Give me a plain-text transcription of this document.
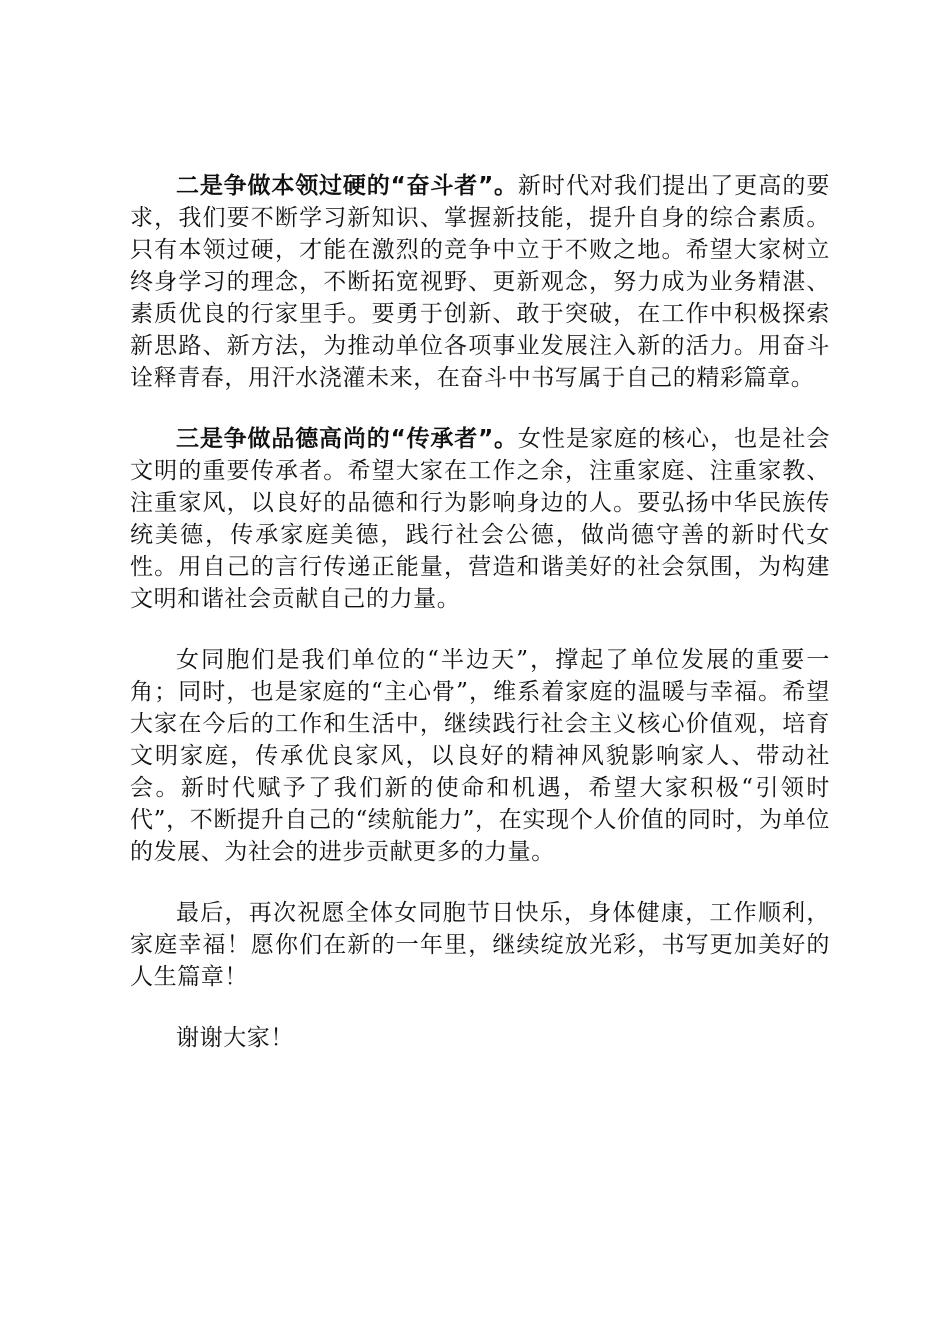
二是争做本领过硬的“奋斗者”。新时代对我们提出了更高的要求，我们要不断学习新知识、掌握新技能，提升自身的综合素质。只有本领过硬，才能在激烈的竞争中立于不败之地。希望大家树立终身学习的理念，不断拓宽视野、更新观念，努力成为业务精湛、素质优良的行家里手。要勇于创新、敢于突破，在工作中积极探索新思路、新方法，为推动单位各项事业发展注入新的活力。用奋斗诠释青春，用汗水浇灌未来，在奋斗中书写属于自己的精彩篇章。

三是争做品德高尚的“传承者”。女性是家庭的核心，也是社会文明的重要传承者。希望大家在工作之余，注重家庭、注重家教、注重家风，以良好的品德和行为影响身边的人。要弘扬中华民族传统美德，传承家庭美德，践行社会公德，做尚德守善的新时代女性。用自己的言行传递正能量，营造和谐美好的社会氛围，为构建文明和谐社会贡献自己的力量。

女同胞们是我们单位的“半边天”，撑起了单位发展的重要一角；同时，也是家庭的“主心骨”，维系着家庭的温暖与幸福。希望大家在今后的工作和生活中，继续践行社会主义核心价值观，培育文明家庭，传承优良家风，以良好的精神风貌影响家人、带动社会。新时代赋予了我们新的使命和机遇，希望大家积极“引领时代”，不断提升自己的“续航能力”，在实现个人价值的同时，为单位的发展、为社会的进步贡献更多的力量。

最后，再次祝愿全体女同胞节日快乐，身体健康，工作顺利，家庭幸福！愿你们在新的一年里，继续绽放光彩，书写更加美好的人生篇章！

谢谢大家！
